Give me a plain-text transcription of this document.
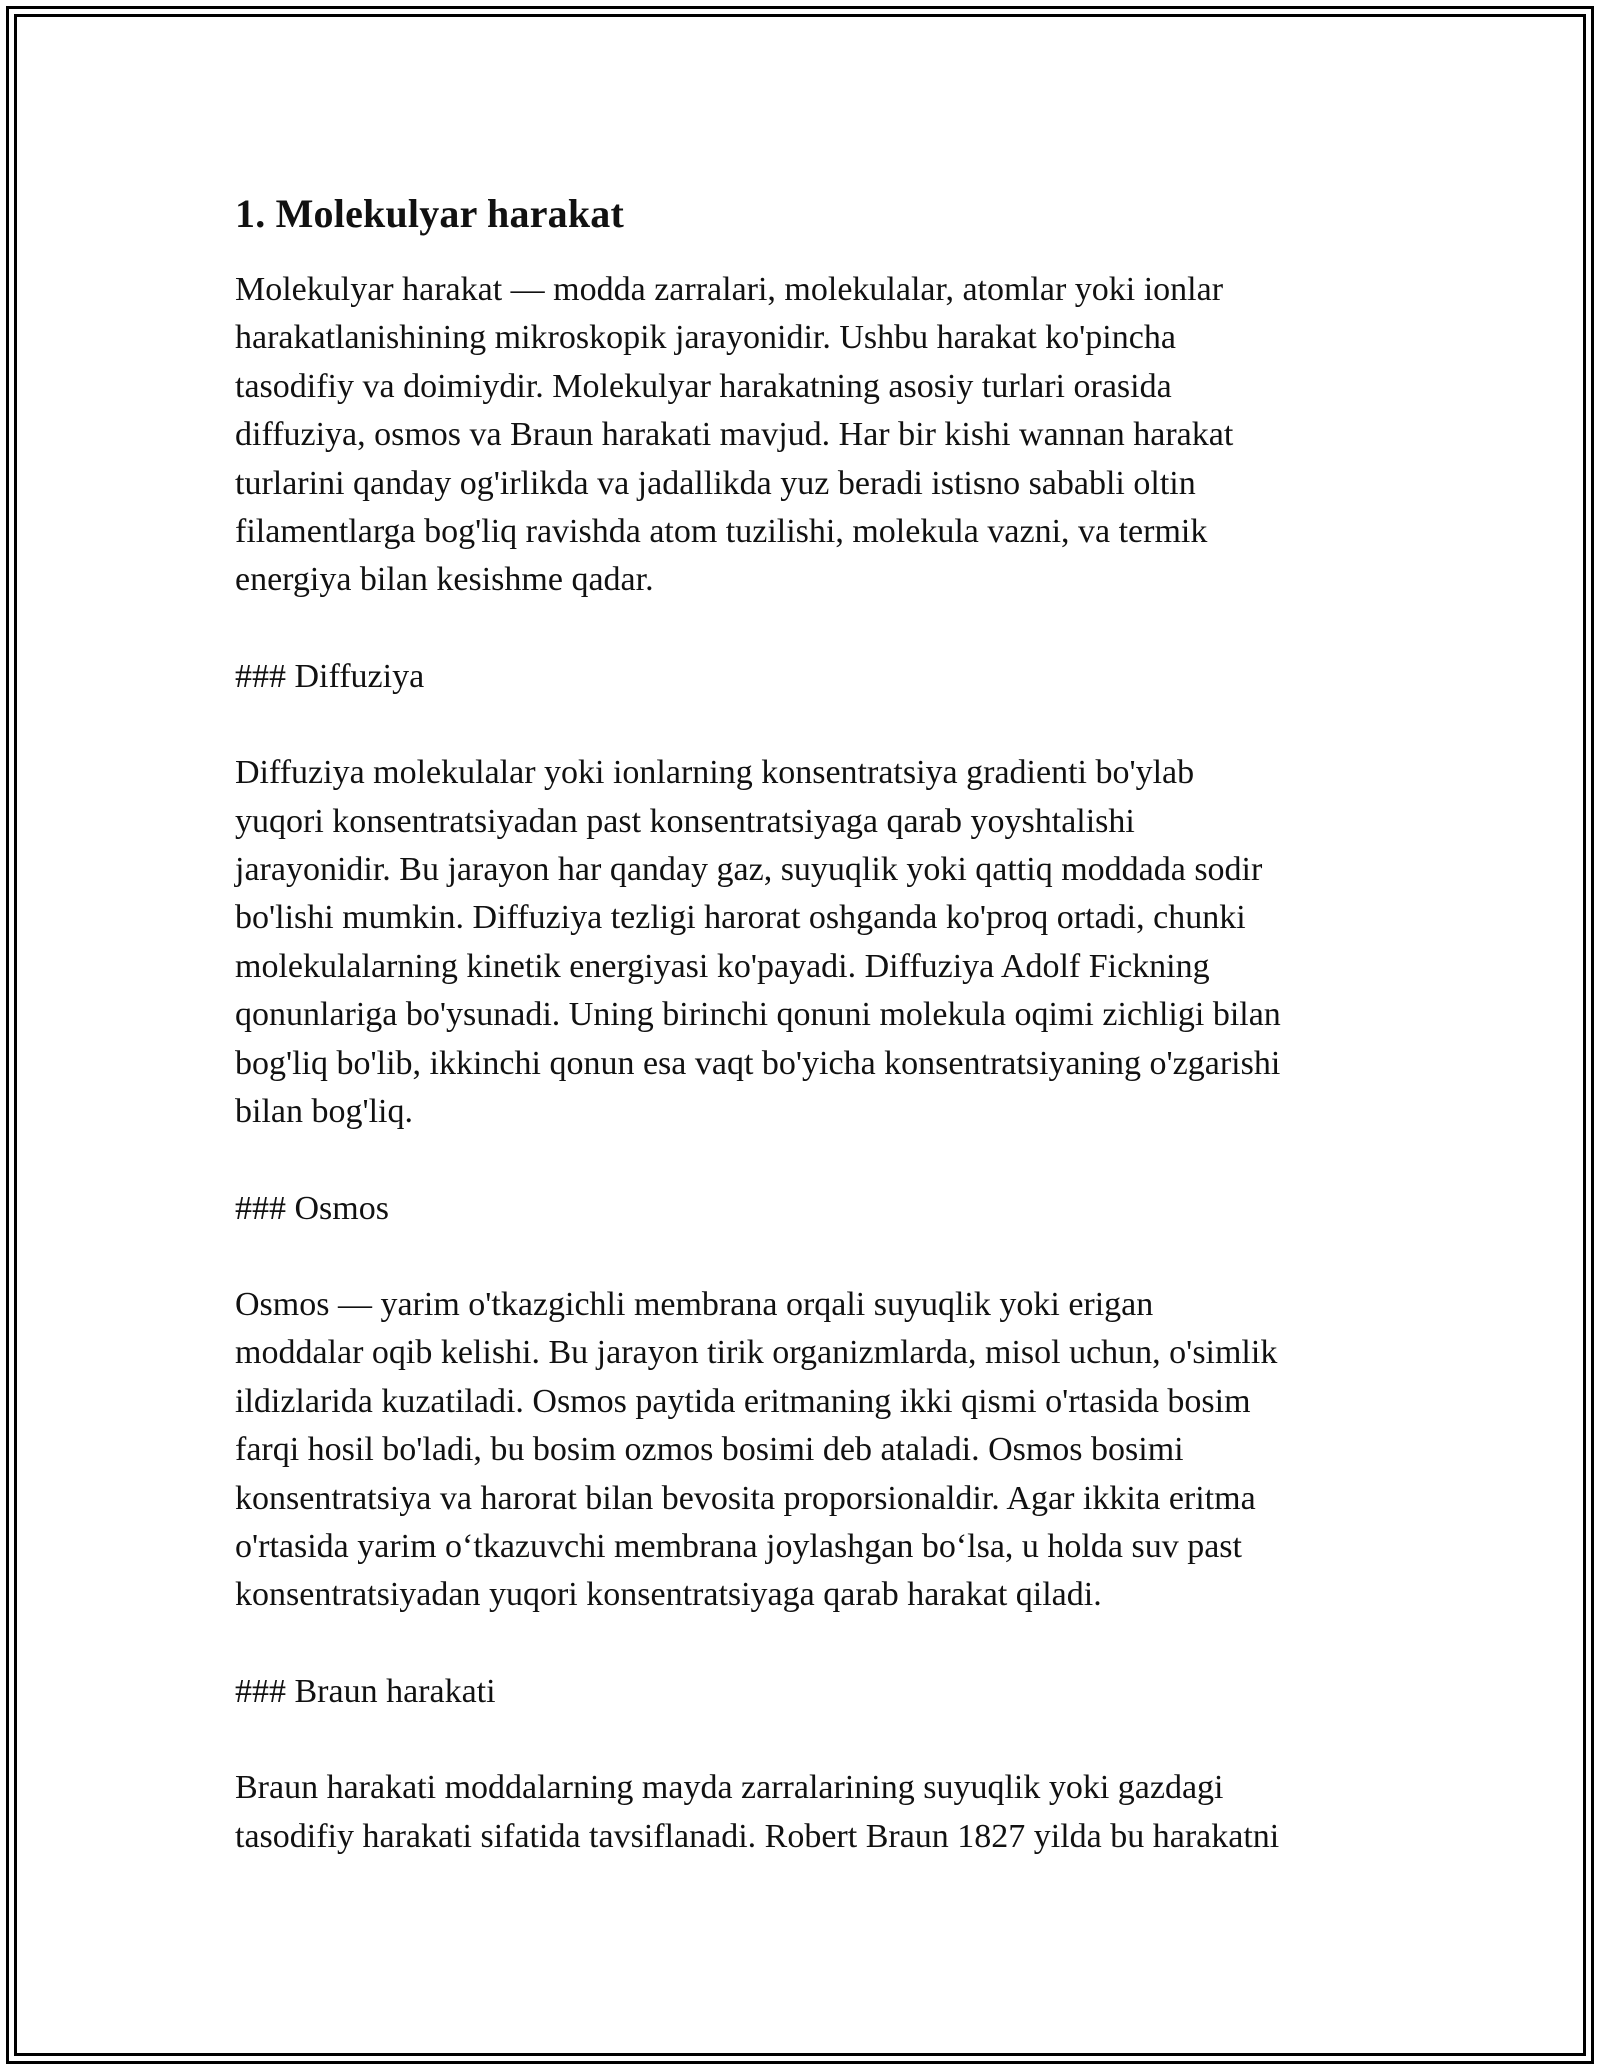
1. Molekulyar harakat

Molekulyar harakat — modda zarralari, molekulalar, atomlar yoki ionlar
harakatlanishining mikroskopik jarayonidir. Ushbu harakat ko'pincha
tasodifiy va doimiydir. Molekulyar harakatning asosiy turlari orasida
diffuziya, osmos va Braun harakati mavjud. Har bir kishi wannan harakat
turlarini qanday og'irlikda va jadallikda yuz beradi istisno sababli oltin
filamentlarga bog'liq ravishda atom tuzilishi, molekula vazni, va termik
energiya bilan kesishme qadar.

### Diffuziya

Diffuziya molekulalar yoki ionlarning konsentratsiya gradienti bo'ylab
yuqori konsentratsiyadan past konsentratsiyaga qarab yoyshtalishi
jarayonidir. Bu jarayon har qanday gaz, suyuqlik yoki qattiq moddada sodir
bo'lishi mumkin. Diffuziya tezligi harorat oshganda ko'proq ortadi, chunki
molekulalarning kinetik energiyasi ko'payadi. Diffuziya Adolf Fickning
qonunlariga bo'ysunadi. Uning birinchi qonuni molekula oqimi zichligi bilan
bog'liq bo'lib, ikkinchi qonun esa vaqt bo'yicha konsentratsiyaning o'zgarishi
bilan bog'liq.

### Osmos

Osmos — yarim o'tkazgichli membrana orqali suyuqlik yoki erigan
moddalar oqib kelishi. Bu jarayon tirik organizmlarda, misol uchun, o'simlik
ildizlarida kuzatiladi. Osmos paytida eritmaning ikki qismi o'rtasida bosim
farqi hosil bo'ladi, bu bosim ozmos bosimi deb ataladi. Osmos bosimi
konsentratsiya va harorat bilan bevosita proporsionaldir. Agar ikkita eritma
o'rtasida yarim o‘tkazuvchi membrana joylashgan bo‘lsa, u holda suv past
konsentratsiyadan yuqori konsentratsiyaga qarab harakat qiladi.

### Braun harakati

Braun harakati moddalarning mayda zarralarining suyuqlik yoki gazdagi
tasodifiy harakati sifatida tavsiflanadi. Robert Braun 1827 yilda bu harakatni
